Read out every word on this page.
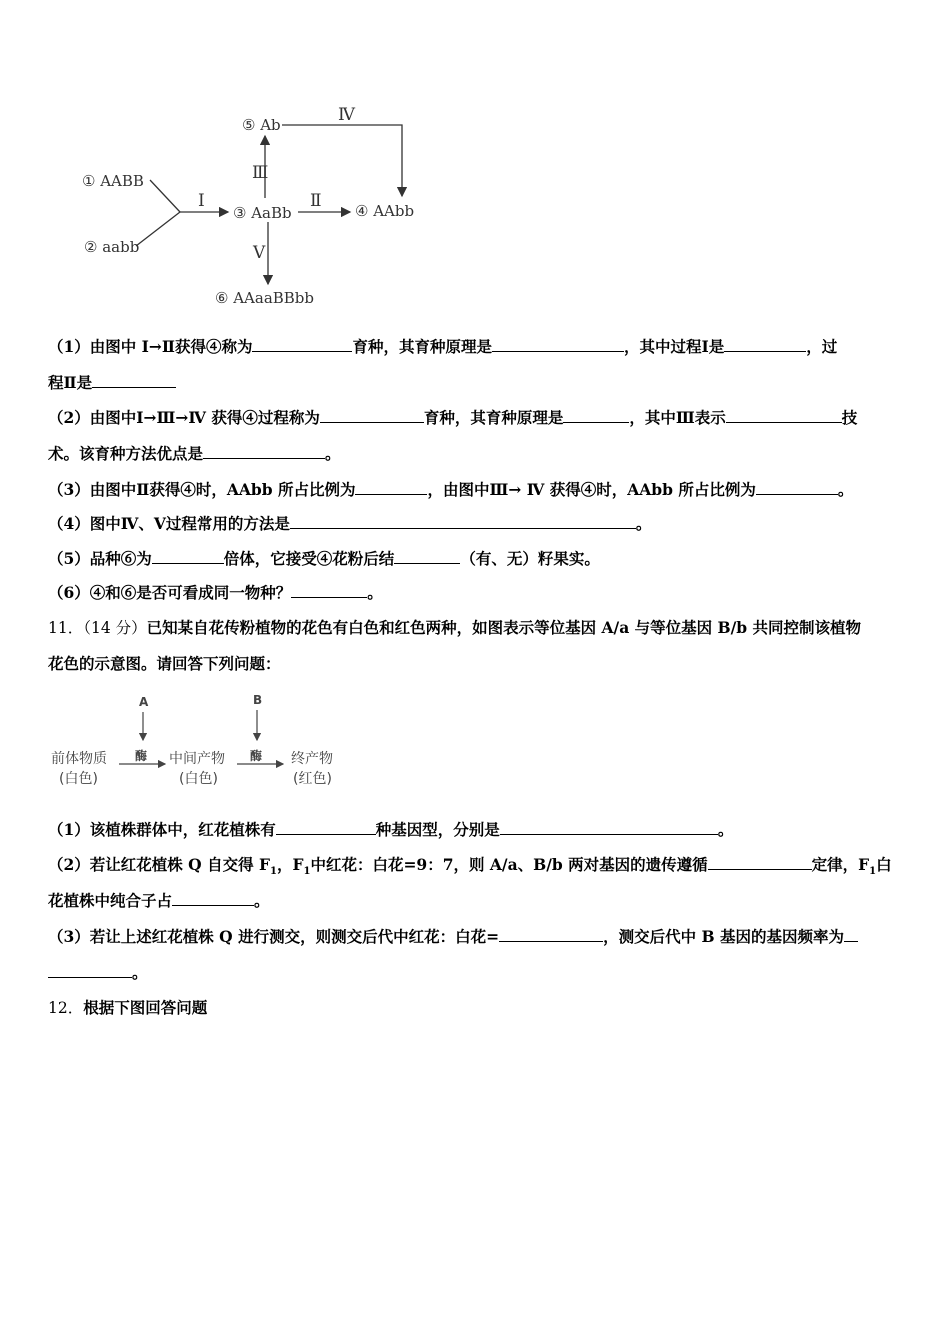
① AABB
② aabb
③ AaBb	④ AAbb
⑤ Ab
⑥ AAaaBBbb
Ⅰ	Ⅱ
Ⅲ
Ⅳ
Ⅴ
（1）由图中 Ⅰ→Ⅱ获得④称为	育种，其育种原理是	，其中过程Ⅰ是	，过
程Ⅱ是
（2）由图中Ⅰ→Ⅲ→Ⅳ 获得④过程称为	育种，其育种原理是	，其中Ⅲ表示	技
术。该育种方法优点是	。
（3）由图中Ⅱ获得④时，AAbb 所占比例为	，由图中Ⅲ→ Ⅳ 获得④时，AAbb 所占比例为	。
（4）图中Ⅳ、Ⅴ过程常用的方法是	。
（5）品种⑥为	倍体，它接受④花粉后结	（有、无）籽果实。
（6）④和⑥是否可看成同一物种？	。
11．（14 分）已知某自花传粉植物的花色有白色和红色两种，如图表示等位基因 A/a 与等位基因 B/b 共同控制该植物
花色的示意图。请回答下列问题：
A	B
前体物质
(白色)
酶 中间产物
(白色)
酶 终产物
(红色)
（1）该植株群体中，红花植株有	种基因型，分别是	。
（2）若让红花植株 Q 自交得 $F_1$，$F_1$中红花：白花=9：7，则 A/a、B/b 两对基因的遗传遵循	定律，$F_1$白
花植株中纯合子占	。
（3）若让上述红花植株 Q 进行测交，则测交后代中红花：白花=	，测交后代中 B 基因的基因频率为
。
12．根据下图回答问题
